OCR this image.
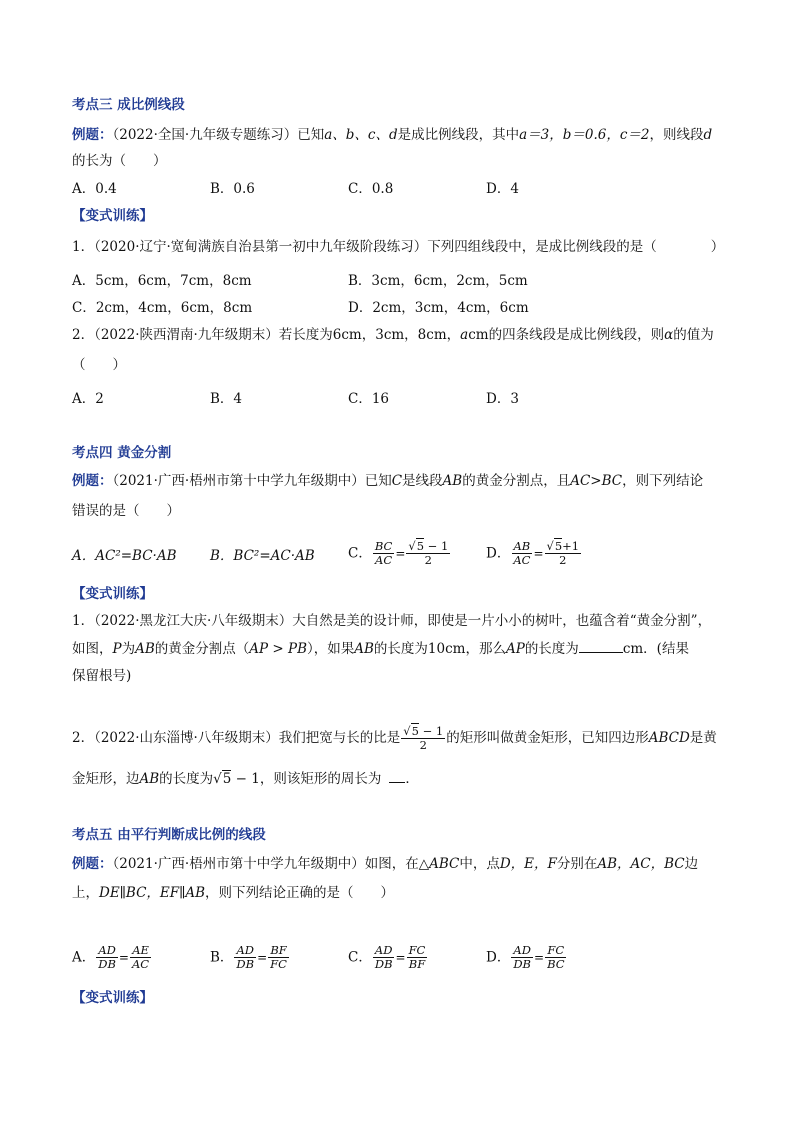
考点三 成比例线段
例题：（2022·全国·九年级专题练习）已知a、b、c、d是成比例线段，其中a＝3，b＝0.6，c＝2，则线段d
的长为（　　）
A．0.4	B．0.6	C．0.8	D．4
【变式训练】
1．（2020·辽宁·宽甸满族自治县第一初中九年级阶段练习）下列四组线段中，是成比例线段的是（　　　　）
A．5cm，6cm，7cm，8cm	B．3cm，6cm，2cm，5cm
C．2cm，4cm，6cm，8cm	D．2cm，3cm，4cm，6cm
2．（2022·陕西渭南·九年级期末）若长度为6cm，3cm，8cm，acm的四条线段是成比例线段，则α的值为
（　　）
A．2	B．4	C．16	D．3
考点四 黄金分割
例题：（2021·广西·梧州市第十中学九年级期中）已知C是线段AB的黄金分割点，且AC>BC，则下列结论
错误的是（　　）
A．AC²=BC·AB B．BC²=AC·AB C． $\frac{BC}{AC} = \frac{√5 - 1}{2}$	D． $\frac{AB}{AC} = \frac{√5+1}{2}$
【变式训练】
1．（2022·黑龙江大庆·八年级期末）大自然是美的设计师，即使是一片小小的树叶，也蕴含着“黄金分割”，
如图，P为AB的黄金分割点（AP > PB），如果AB的长度为10cm，那么AP的长度为	cm．(结果
保留根号)
2．（2022·山东淄博·八年级期末）我们把宽与长的比是 $\frac{√5 - 1}{2}$ 的矩形叫做黄金矩形，已知四边形ABCD是黄
金矩形，边AB的长度为√5 − 1，则该矩形的周长为 ．
考点五 由平行判断成比例的线段
例题：（2021·广西·梧州市第十中学九年级期中）如图，在△ABC中，点D，E，F分别在AB，AC，BC边
上，DE∥BC，EF∥AB，则下列结论正确的是（　　）
A． $\frac{AD}{DB} = \frac{AE}{AC}$	B． $\frac{AD}{DB} = \frac{BF}{FC}$	C． $\frac{AD}{DB} = \frac{FC}{BF}$	D． $\frac{AD}{DB} = \frac{FC}{BC}$
【变式训练】
